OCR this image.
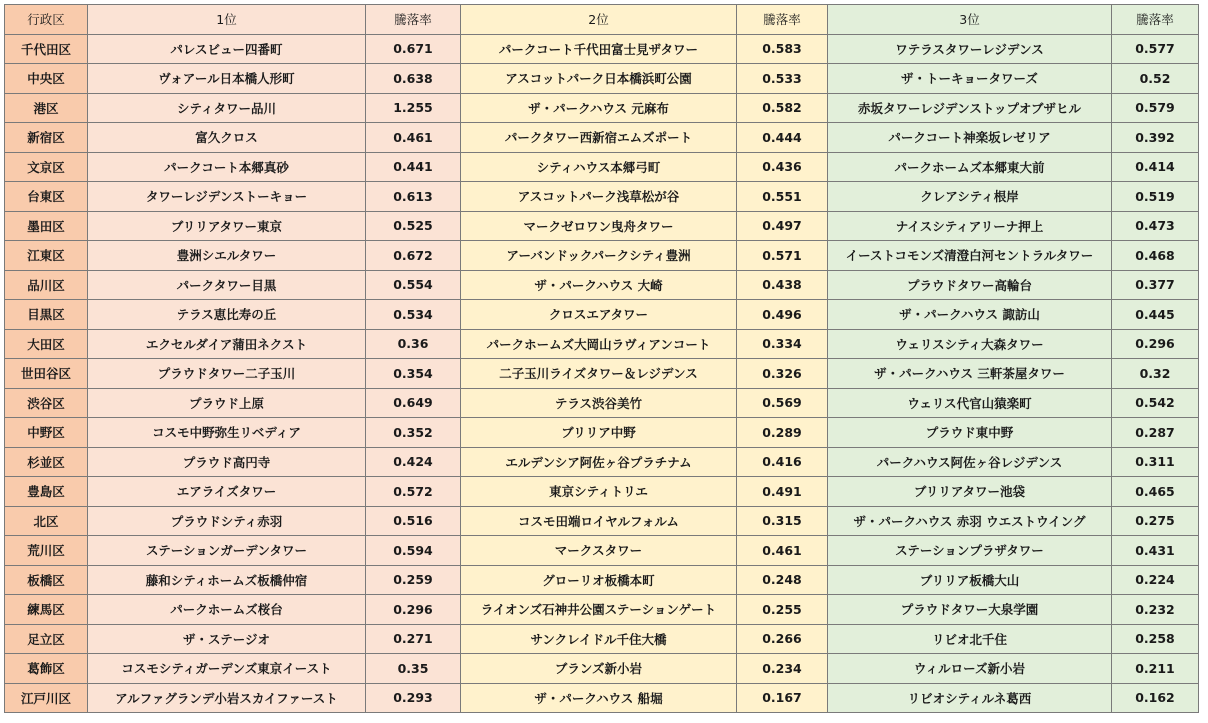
行政区	1位	騰落率	2位	騰落率	3位	騰落率
千代田区	パレスビュー四番町	0.671	パークコート千代田富士見ザタワー	0.583	ワテラスタワーレジデンス	0.577
中央区	ヴォアール日本橋人形町	0.638	アスコットパーク日本橋浜町公園	0.533	ザ・トーキョータワーズ	0.52
港区	シティタワー品川	1.255	ザ・パークハウス 元麻布	0.582	赤坂タワーレジデンストップオブザヒル	0.579
新宿区	富久クロス	0.461	パークタワー西新宿エムズポート	0.444	パークコート神楽坂レゼリア	0.392
文京区	パークコート本郷真砂	0.441	シティハウス本郷弓町	0.436	パークホームズ本郷東大前	0.414
台東区	タワーレジデンストーキョー	0.613	アスコットパーク浅草松が谷	0.551	クレアシティ根岸	0.519
墨田区	ブリリアタワー東京	0.525	マークゼロワン曳舟タワー	0.497	ナイスシティアリーナ押上	0.473
江東区	豊洲シエルタワー	0.672	アーバンドックパークシティ豊洲	0.571	イーストコモンズ清澄白河セントラルタワー	0.468
品川区	パークタワー目黒	0.554	ザ・パークハウス 大崎	0.438	プラウドタワー高輪台	0.377
目黒区	テラス恵比寿の丘	0.534	クロスエアタワー	0.496	ザ・パークハウス 諏訪山	0.445
大田区	エクセルダイア蒲田ネクスト	0.36	パークホームズ大岡山ラヴィアンコート	0.334	ウェリスシティ大森タワー	0.296
世田谷区	プラウドタワー二子玉川	0.354	二子玉川ライズタワー＆レジデンス	0.326	ザ・パークハウス 三軒茶屋タワー	0.32
渋谷区	プラウド上原	0.649	テラス渋谷美竹	0.569	ウェリス代官山猿楽町	0.542
中野区	コスモ中野弥生リベディア	0.352	ブリリア中野	0.289	プラウド東中野	0.287
杉並区	プラウド高円寺	0.424	エルデンシア阿佐ヶ谷プラチナム	0.416	パークハウス阿佐ヶ谷レジデンス	0.311
豊島区	エアライズタワー	0.572	東京シティトリエ	0.491	ブリリアタワー池袋	0.465
北区	プラウドシティ赤羽	0.516	コスモ田端ロイヤルフォルム	0.315	ザ・パークハウス 赤羽 ウエストウイング	0.275
荒川区	ステーションガーデンタワー	0.594	マークスタワー	0.461	ステーションプラザタワー	0.431
板橋区	藤和シティホームズ板橋仲宿	0.259	グローリオ板橋本町	0.248	ブリリア板橋大山	0.224
練馬区	パークホームズ桜台	0.296	ライオンズ石神井公園ステーションゲート	0.255	プラウドタワー大泉学園	0.232
足立区	ザ・ステージオ	0.271	サンクレイドル千住大橋	0.266	リビオ北千住	0.258
葛飾区	コスモシティガーデンズ東京イースト	0.35	ブランズ新小岩	0.234	ウィルローズ新小岩	0.211
江戸川区	アルファグランデ小岩スカイファースト	0.293	ザ・パークハウス 船堀	0.167	リビオシティルネ葛西	0.162
